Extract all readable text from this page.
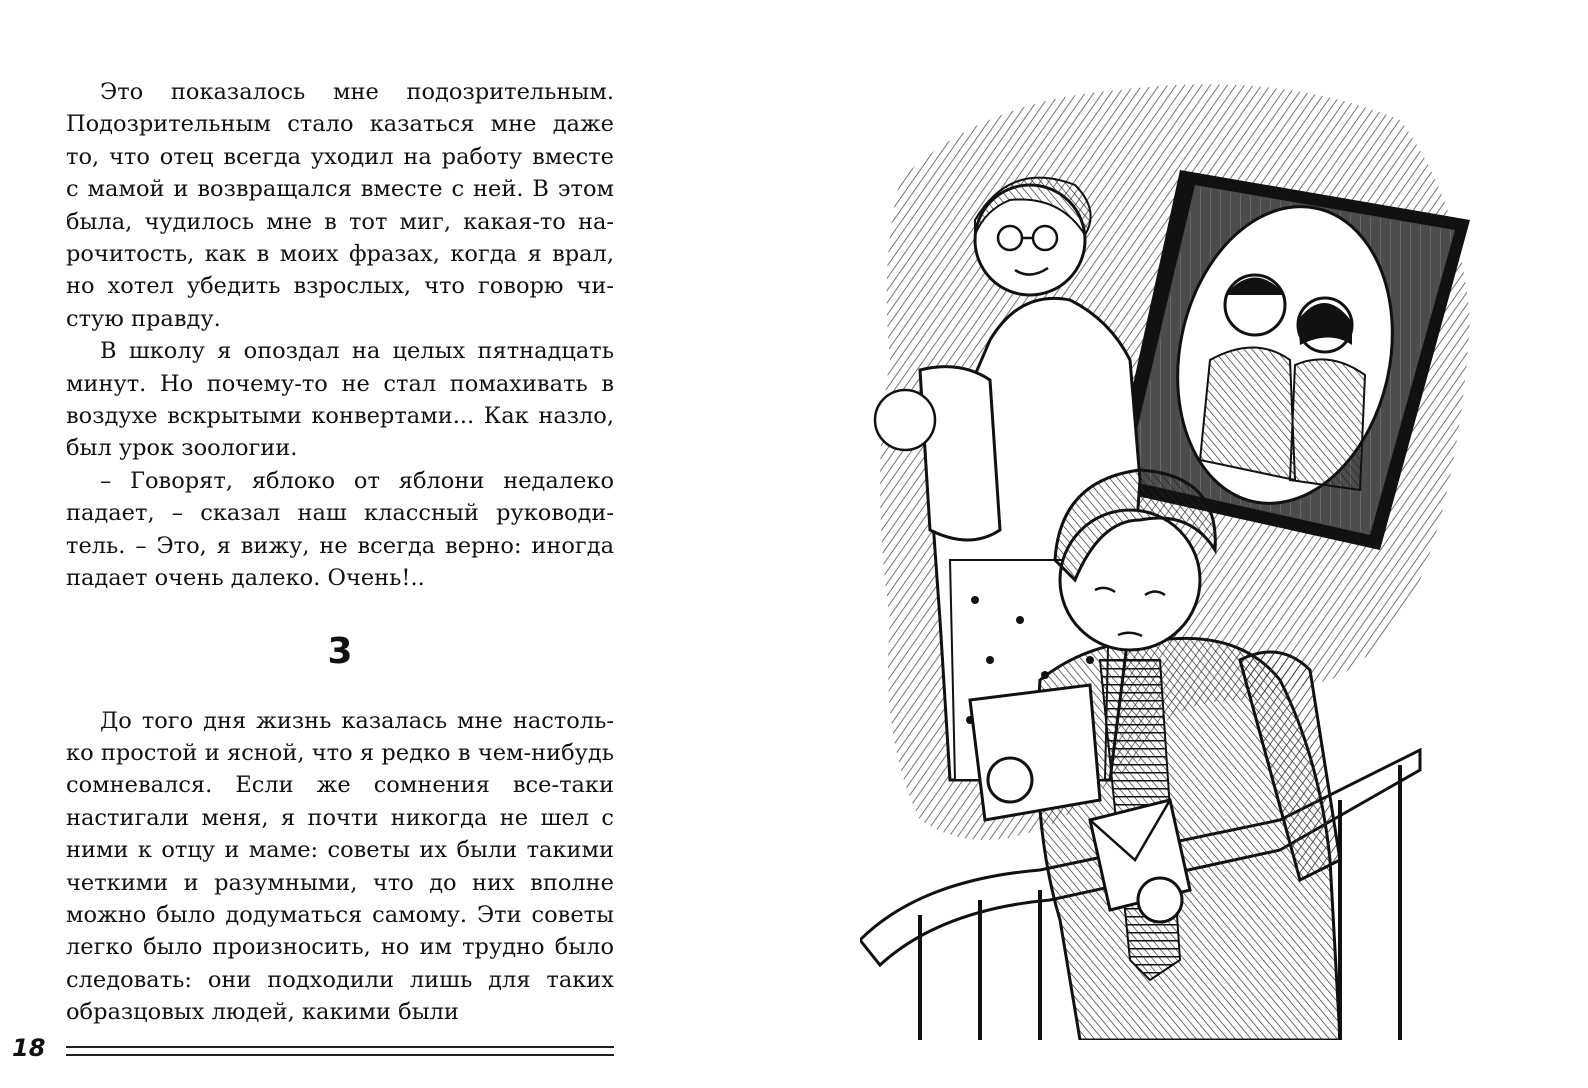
Это показалось мне подозрительным. Подозрительным стало казаться мне даже то, что отец всегда уходил на работу вместе с мамой и возвращался вместе с ней. В этом была, чудилось мне в тот миг, какая-то нарочитость, как в моих фразах, когда я врал, но хотел убедить взрослых, что говорю чистую правду.

В школу я опоздал на целых пятнадцать минут. Но почему-то не стал помахивать в воздухе вскрытыми конвертами... Как назло, был урок зоологии.

– Говорят, яблоко от яблони недалеко падает, – сказал наш классный руководитель. – Это, я вижу, не всегда верно: иногда падает очень далеко. Очень!..

3

До того дня жизнь казалась мне настолько простой и ясной, что я редко в чем-нибудь сомневался. Если же сомнения все-таки настигали меня, я почти никогда не шел с ними к отцу и маме: советы их были такими четкими и разумными, что до них вполне можно было додуматься самому. Эти советы легко было произносить, но им трудно было следовать: они подходили лишь для таких образцовых людей, какими были

18
